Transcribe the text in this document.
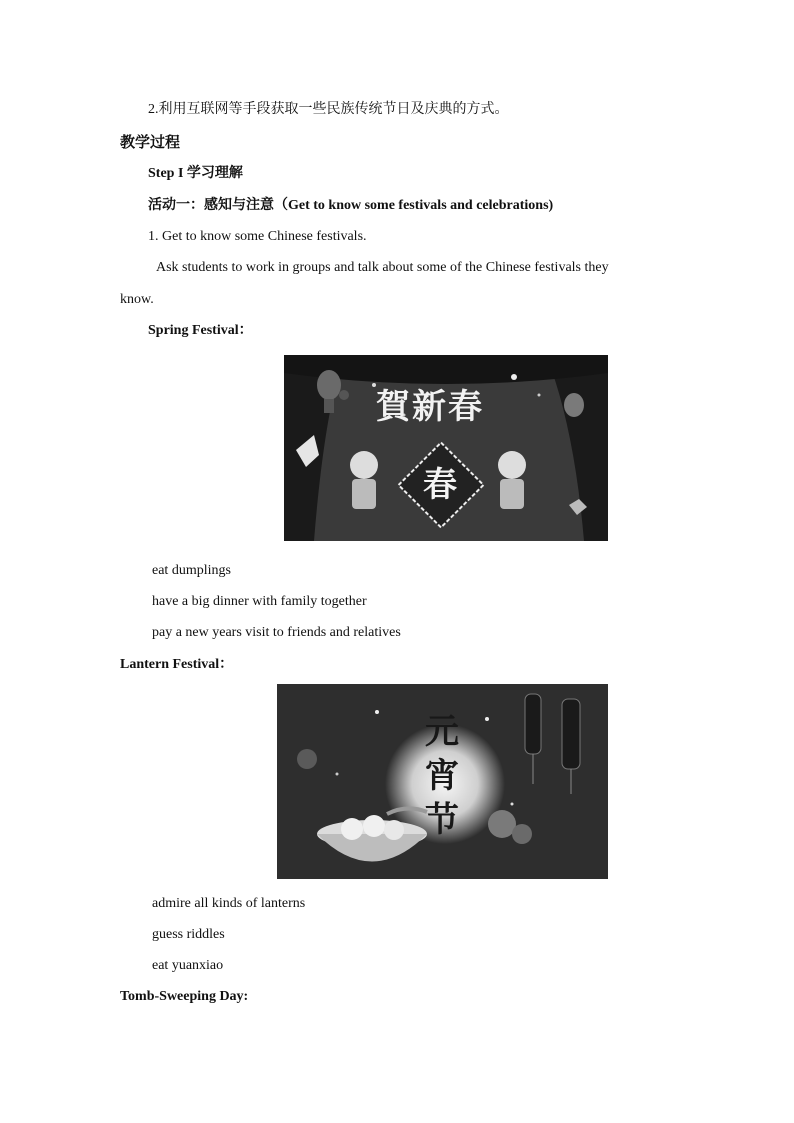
2.利用互联网等手段获取一些民族传统节日及庆典的方式。
教学过程
Step I 学习理解
活动一：感知与注意（Get to know some festivals and celebrations)
1. Get to know some Chinese festivals.
Ask students to work in groups and talk about some of the Chinese festivals they
know.
Spring Festival：
賀新春
春
eat dumplings
have a big dinner with family together
pay a new years visit to friends and relatives
Lantern Festival：
元宵节
admire all kinds of lanterns
guess riddles
eat yuanxiao
Tomb-Sweeping Day:
